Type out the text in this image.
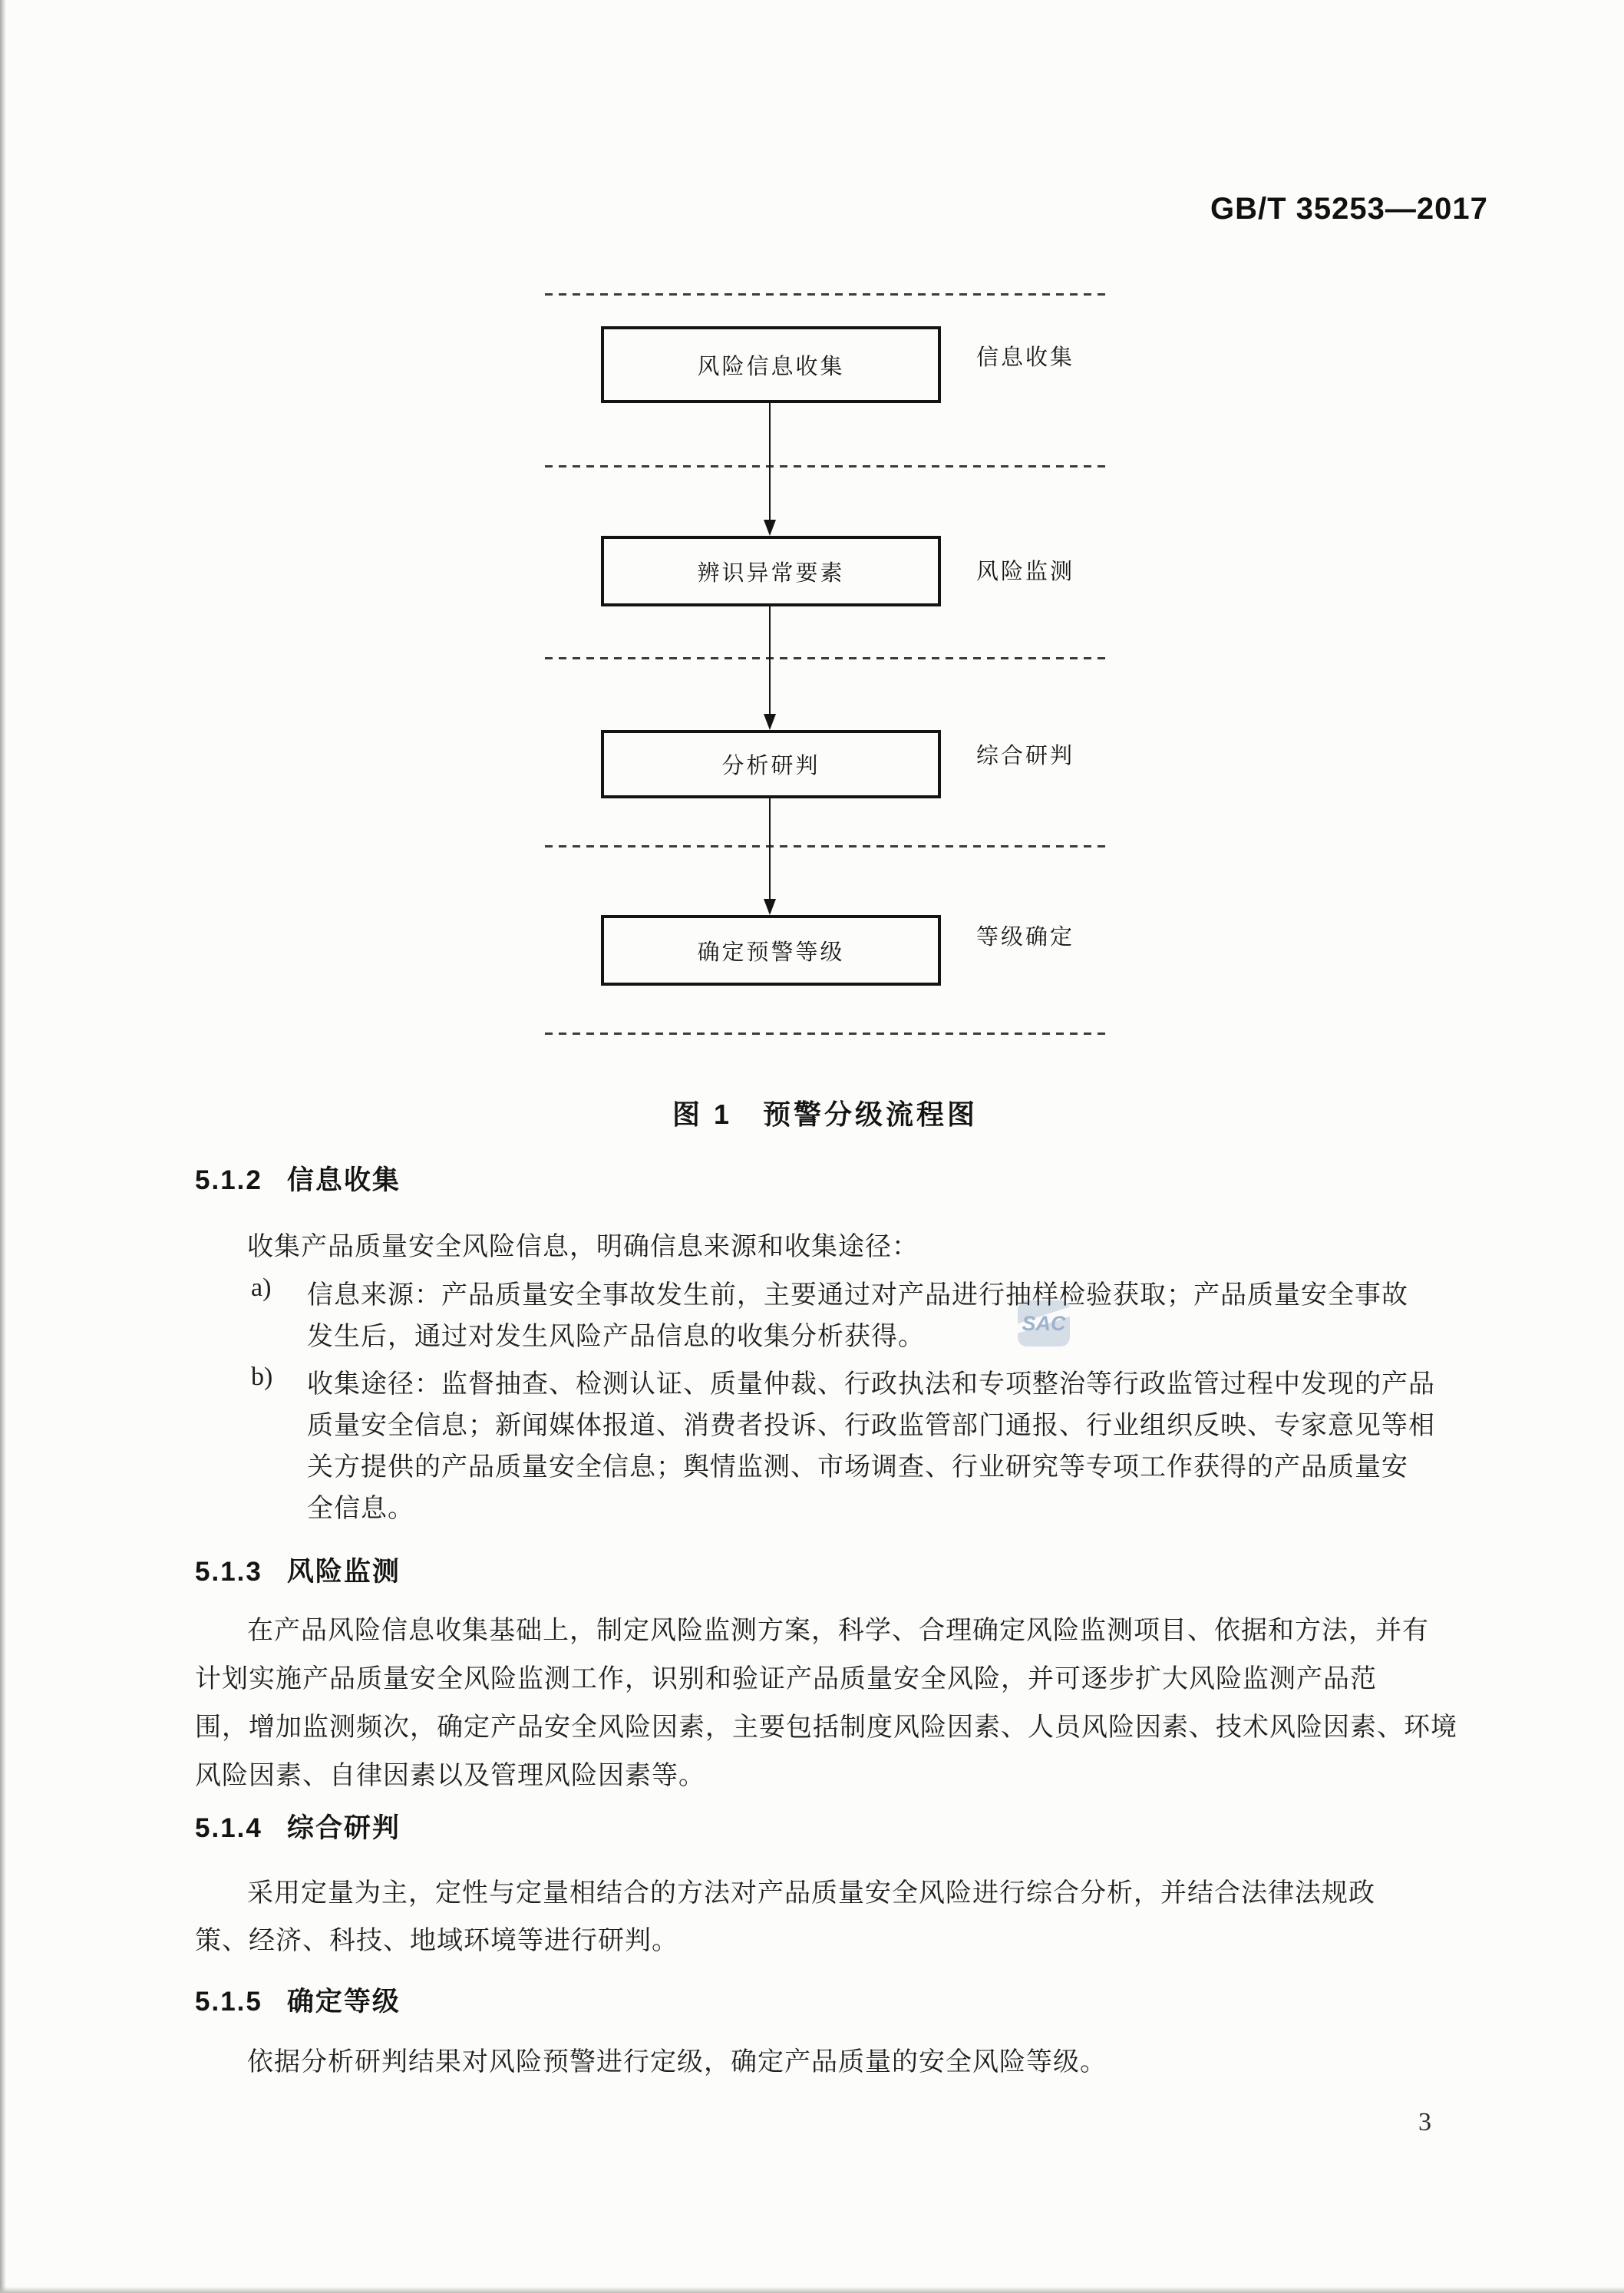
GB/T 35253—2017
风险信息收集
辨识异常要素
分析研判
确定预警等级
信息收集
风险监测
综合研判
等级确定
图 1　预警分级流程图
SAC
5.1.2 信息收集
收集产品质量安全风险信息，明确信息来源和收集途径：
a) 信息来源：产品质量安全事故发生前，主要通过对产品进行抽样检验获取；产品质量安全事故
发生后，通过对发生风险产品信息的收集分析获得。
b) 收集途径：监督抽查、检测认证、质量仲裁、行政执法和专项整治等行政监管过程中发现的产品
质量安全信息；新闻媒体报道、消费者投诉、行政监管部门通报、行业组织反映、专家意见等相
关方提供的产品质量安全信息；舆情监测、市场调查、行业研究等专项工作获得的产品质量安
全信息。
5.1.3 风险监测
在产品风险信息收集基础上，制定风险监测方案，科学、合理确定风险监测项目、依据和方法，并有
计划实施产品质量安全风险监测工作，识别和验证产品质量安全风险，并可逐步扩大风险监测产品范
围，增加监测频次，确定产品安全风险因素，主要包括制度风险因素、人员风险因素、技术风险因素、环境
风险因素、自律因素以及管理风险因素等。
5.1.4 综合研判
采用定量为主，定性与定量相结合的方法对产品质量安全风险进行综合分析，并结合法律法规政
策、经济、科技、地域环境等进行研判。
5.1.5 确定等级
依据分析研判结果对风险预警进行定级，确定产品质量的安全风险等级。
3
